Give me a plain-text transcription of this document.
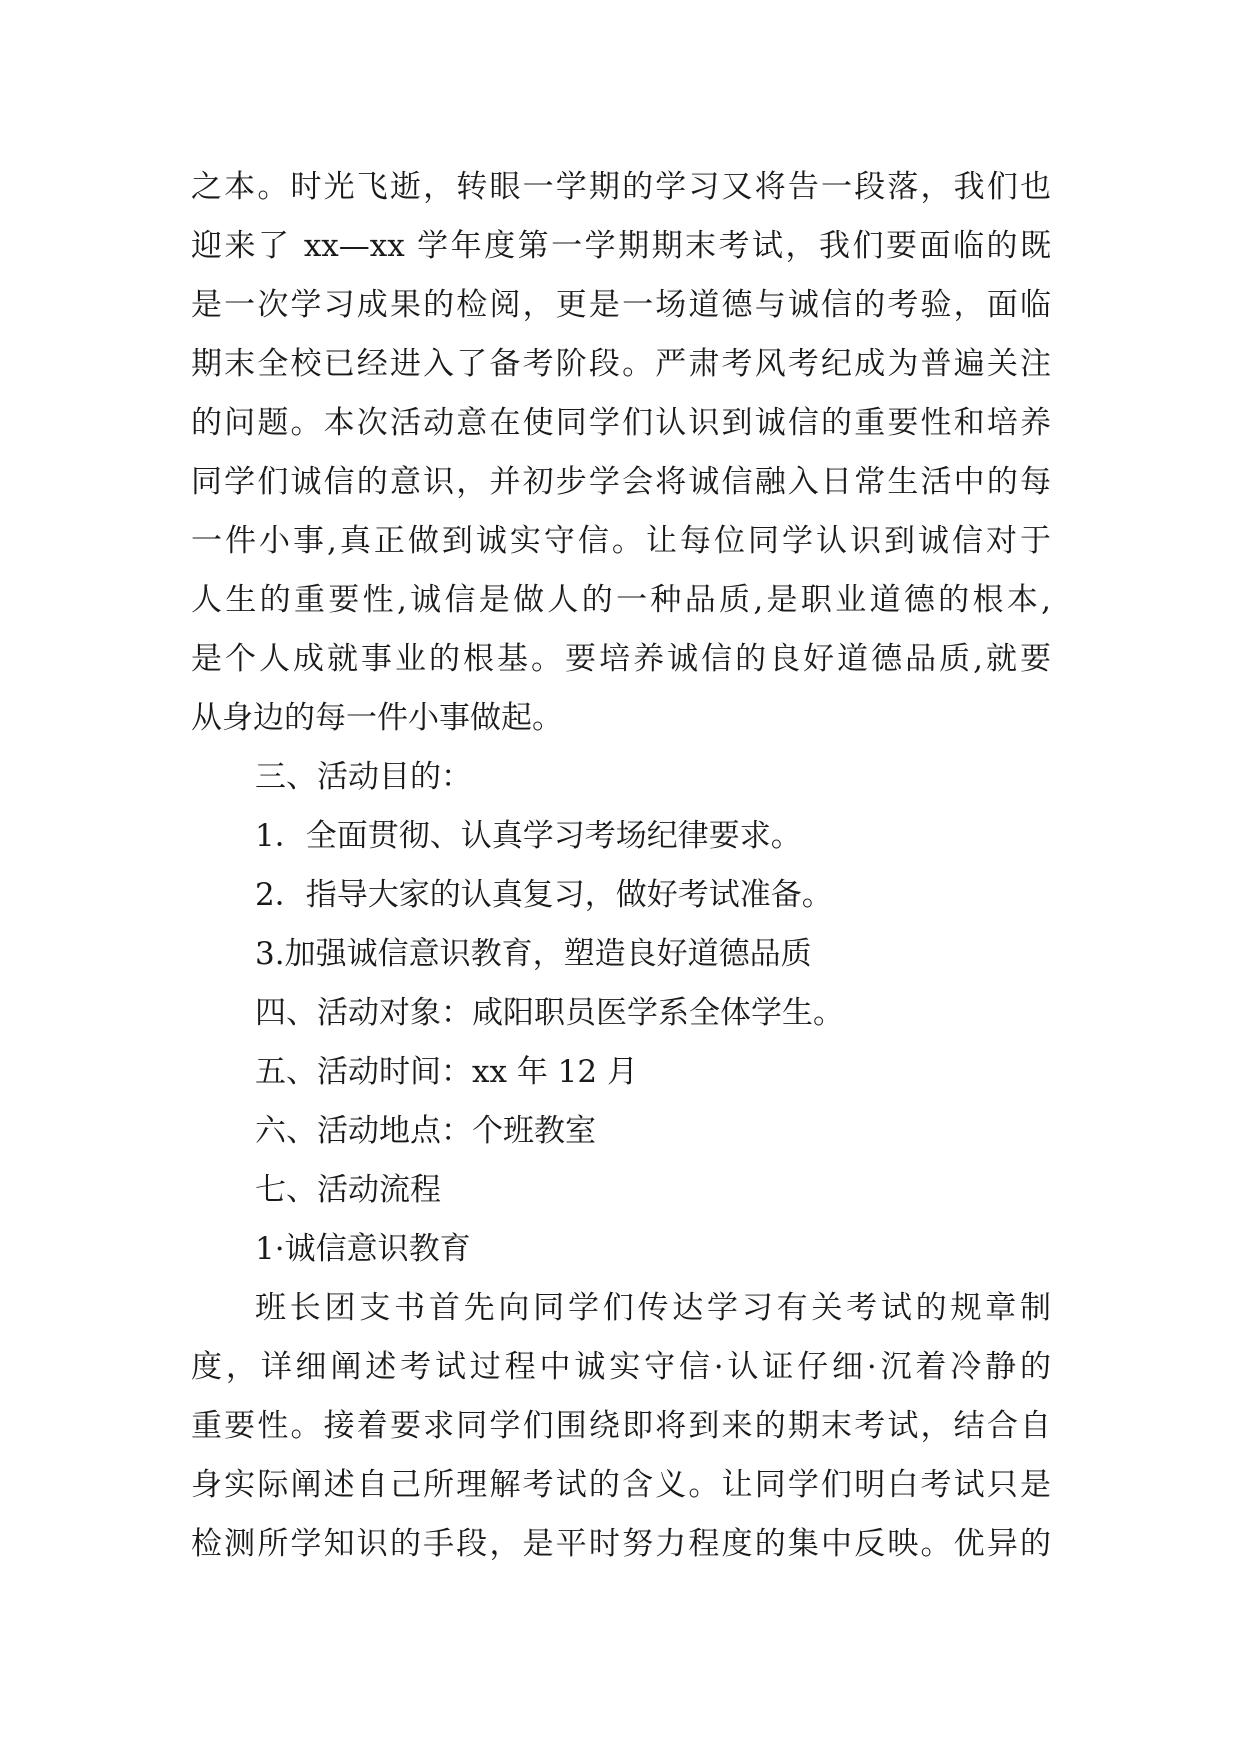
之本。时光飞逝，转眼一学期的学习又将告一段落，我们也
迎来了 xx—xx 学年度第一学期期末考试，我们要面临的既
是一次学习成果的检阅，更是一场道德与诚信的考验，面临
期末全校已经进入了备考阶段。严肃考风考纪成为普遍关注
的问题。本次活动意在使同学们认识到诚信的重要性和培养
同学们诚信的意识，并初步学会将诚信融入日常生活中的每
一件小事,真正做到诚实守信。让每位同学认识到诚信对于
人生的重要性,诚信是做人的一种品质,是职业道德的根本,
是个人成就事业的根基。要培养诚信的良好道德品质,就要
从身边的每一件小事做起。
三、活动目的：
1．全面贯彻、认真学习考场纪律要求。
2．指导大家的认真复习，做好考试准备。
3.加强诚信意识教育，塑造良好道德品质
四、活动对象：咸阳职员医学系全体学生。
五、活动时间：xx 年 12 月
六、活动地点：个班教室
七、活动流程
1·诚信意识教育
班长团支书首先向同学们传达学习有关考试的规章制
度，详细阐述考试过程中诚实守信·认证仔细·沉着冷静的
重要性。接着要求同学们围绕即将到来的期末考试，结合自
身实际阐述自己所理解考试的含义。让同学们明白考试只是
检测所学知识的手段，是平时努力程度的集中反映。优异的
